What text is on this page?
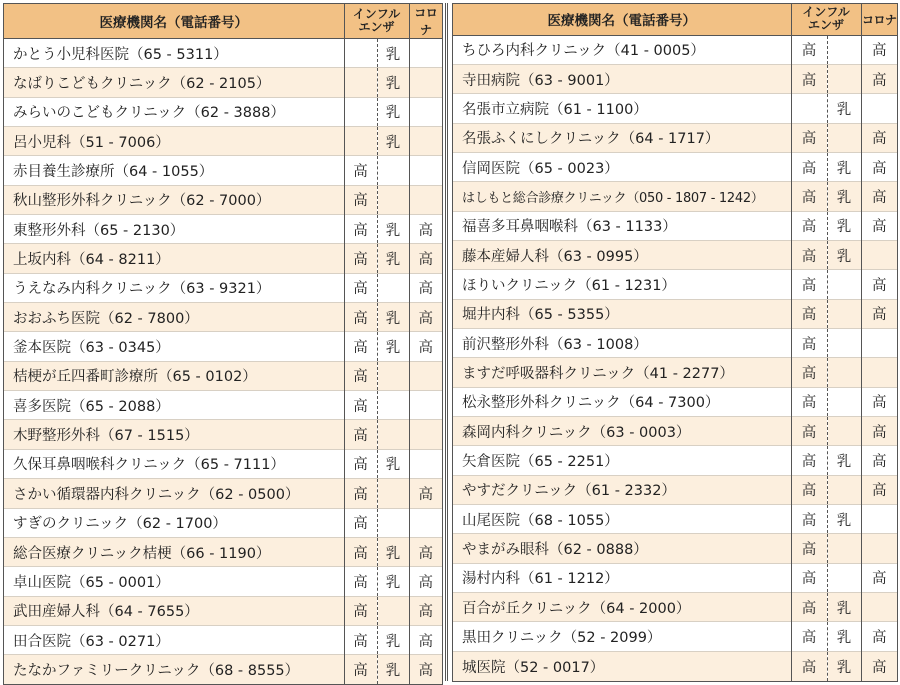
医療機関名（電話番号）	インフル
エンザ		コロナ
かとう小児科医院（65 - 5311）		乳	
なばりこどもクリニック（62 - 2105）		乳	
みらいのこどもクリニック（62 - 3888）		乳	
呂小児科（51 - 7006）		乳	
赤目養生診療所（64 - 1055）	高		
秋山整形外科クリニック（62 - 7000）	高		
東整形外科（65 - 2130）	高	乳	高
上坂内科（64 - 8211）	高	乳	高
うえなみ内科クリニック（63 - 9321）	高		高
おおふち医院（62 - 7800）	高	乳	高
釜本医院（63 - 0345）	高	乳	高
桔梗が丘四番町診療所（65 - 0102）	高		
喜多医院（65 - 2088）	高		
木野整形外科（67 - 1515）	高		
久保耳鼻咽喉科クリニック（65 - 7111）	高	乳	
さかい循環器内科クリニック（62 - 0500）	高		高
すぎのクリニック（62 - 1700）	高		
総合医療クリニック桔梗（66 - 1190）	高	乳	高
卓山医院（65 - 0001）	高	乳	高
武田産婦人科（64 - 7655）	高		高
田合医院（63 - 0271）	高	乳	高
たなかファミリークリニック（68 - 8555）	高	乳	高
医療機関名（電話番号）	インフル
エンザ		コロナ
ちひろ内科クリニック（41 - 0005）	高		高
寺田病院（63 - 9001）	高		高
名張市立病院（61 - 1100）		乳	
名張ふくにしクリニック（64 - 1717）	高		高
信岡医院（65 - 0023）	高	乳	高
はしもと総合診療クリニック（050 - 1807 - 1242）	高	乳	高
福喜多耳鼻咽喉科（63 - 1133）	高	乳	高
藤本産婦人科（63 - 0995）	高	乳	
ほりいクリニック（61 - 1231）	高		高
堀井内科（65 - 5355）	高		高
前沢整形外科（63 - 1008）	高		
ますだ呼吸器科クリニック（41 - 2277）	高		
松永整形外科クリニック（64 - 7300）	高		高
森岡内科クリニック（63 - 0003）	高		高
矢倉医院（65 - 2251）	高	乳	高
やすだクリニック（61 - 2332）	高		高
山尾医院（68 - 1055）	高	乳	
やまがみ眼科（62 - 0888）	高		
湯村内科（61 - 1212）	高		高
百合が丘クリニック（64 - 2000）	高	乳	
黒田クリニック（52 - 2099）	高	乳	高
城医院（52 - 0017）	高	乳	高
